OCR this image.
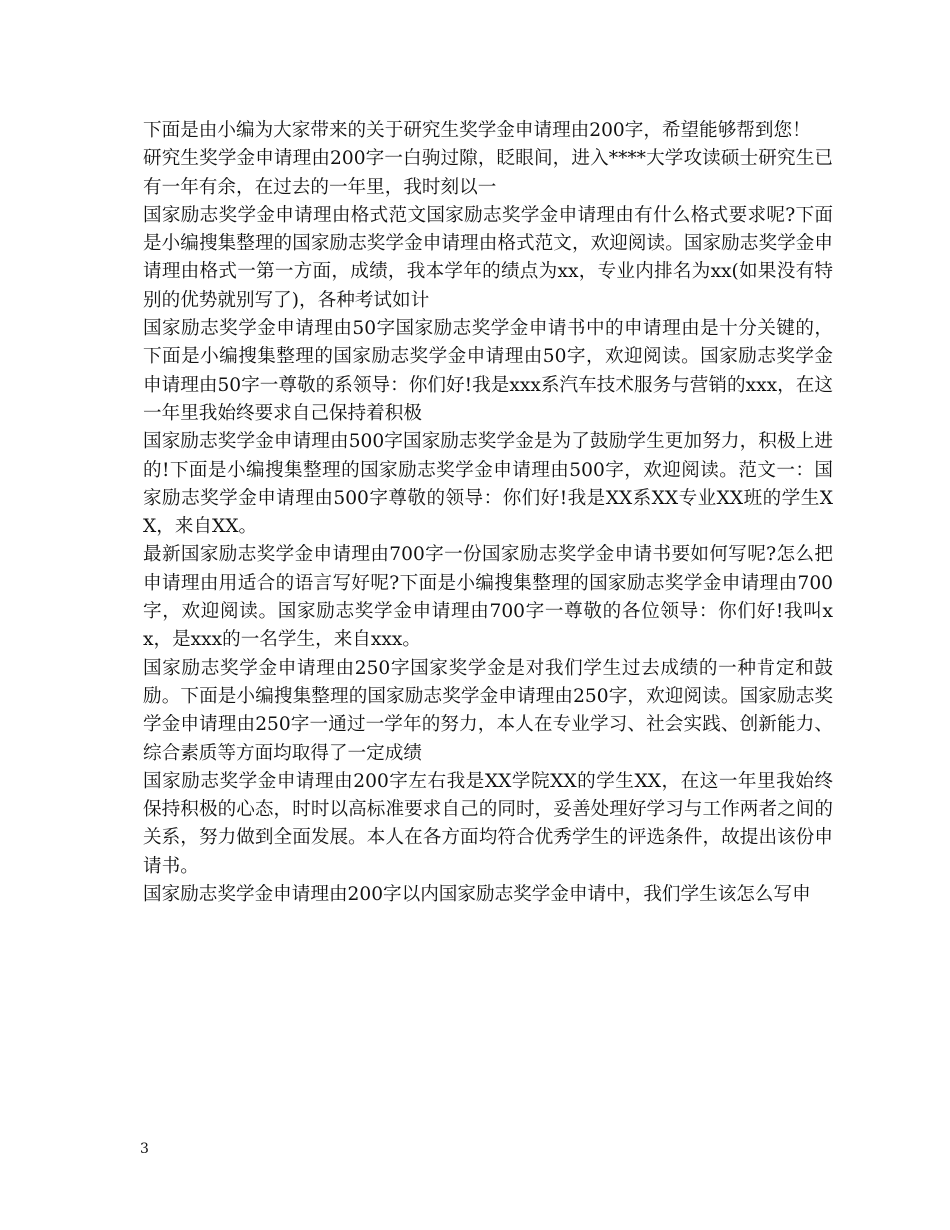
下面是由小编为大家带来的关于研究生奖学金申请理由200字，希望能够帮到您！

研究生奖学金申请理由200字一白驹过隙，眨眼间，进入****大学攻读硕士研究生已有一年有余，在过去的一年里，我时刻以一

国家励志奖学金申请理由格式范文国家励志奖学金申请理由有什么格式要求呢?下面是小编搜集整理的国家励志奖学金申请理由格式范文，欢迎阅读。国家励志奖学金申请理由格式一第一方面，成绩，我本学年的绩点为xx，专业内排名为xx(如果没有特别的优势就别写了)，各种考试如计

国家励志奖学金申请理由50字国家励志奖学金申请书中的申请理由是十分关键的，下面是小编搜集整理的国家励志奖学金申请理由50字，欢迎阅读。国家励志奖学金申请理由50字一尊敬的系领导：你们好!我是xxx系汽车技术服务与营销的xxx，在这一年里我始终要求自己保持着积极

国家励志奖学金申请理由500字国家励志奖学金是为了鼓励学生更加努力，积极上进的!下面是小编搜集整理的国家励志奖学金申请理由500字，欢迎阅读。范文一：国家励志奖学金申请理由500字尊敬的领导：你们好!我是XX系XX专业XX班的学生XX，来自XX。

最新国家励志奖学金申请理由700字一份国家励志奖学金申请书要如何写呢?怎么把申请理由用适合的语言写好呢?下面是小编搜集整理的国家励志奖学金申请理由700字，欢迎阅读。国家励志奖学金申请理由700字一尊敬的各位领导：你们好!我叫xx，是xxx的一名学生，来自xxx。

国家励志奖学金申请理由250字国家奖学金是对我们学生过去成绩的一种肯定和鼓励。下面是小编搜集整理的国家励志奖学金申请理由250字，欢迎阅读。国家励志奖学金申请理由250字一通过一学年的努力，本人在专业学习、社会实践、创新能力、综合素质等方面均取得了一定成绩

国家励志奖学金申请理由200字左右我是XX学院XX的学生XX，在这一年里我始终保持积极的心态，时时以高标准要求自己的同时，妥善处理好学习与工作两者之间的关系，努力做到全面发展。本人在各方面均符合优秀学生的评选条件，故提出该份申请书。

国家励志奖学金申请理由200字以内国家励志奖学金申请中，我们学生该怎么写申

3
